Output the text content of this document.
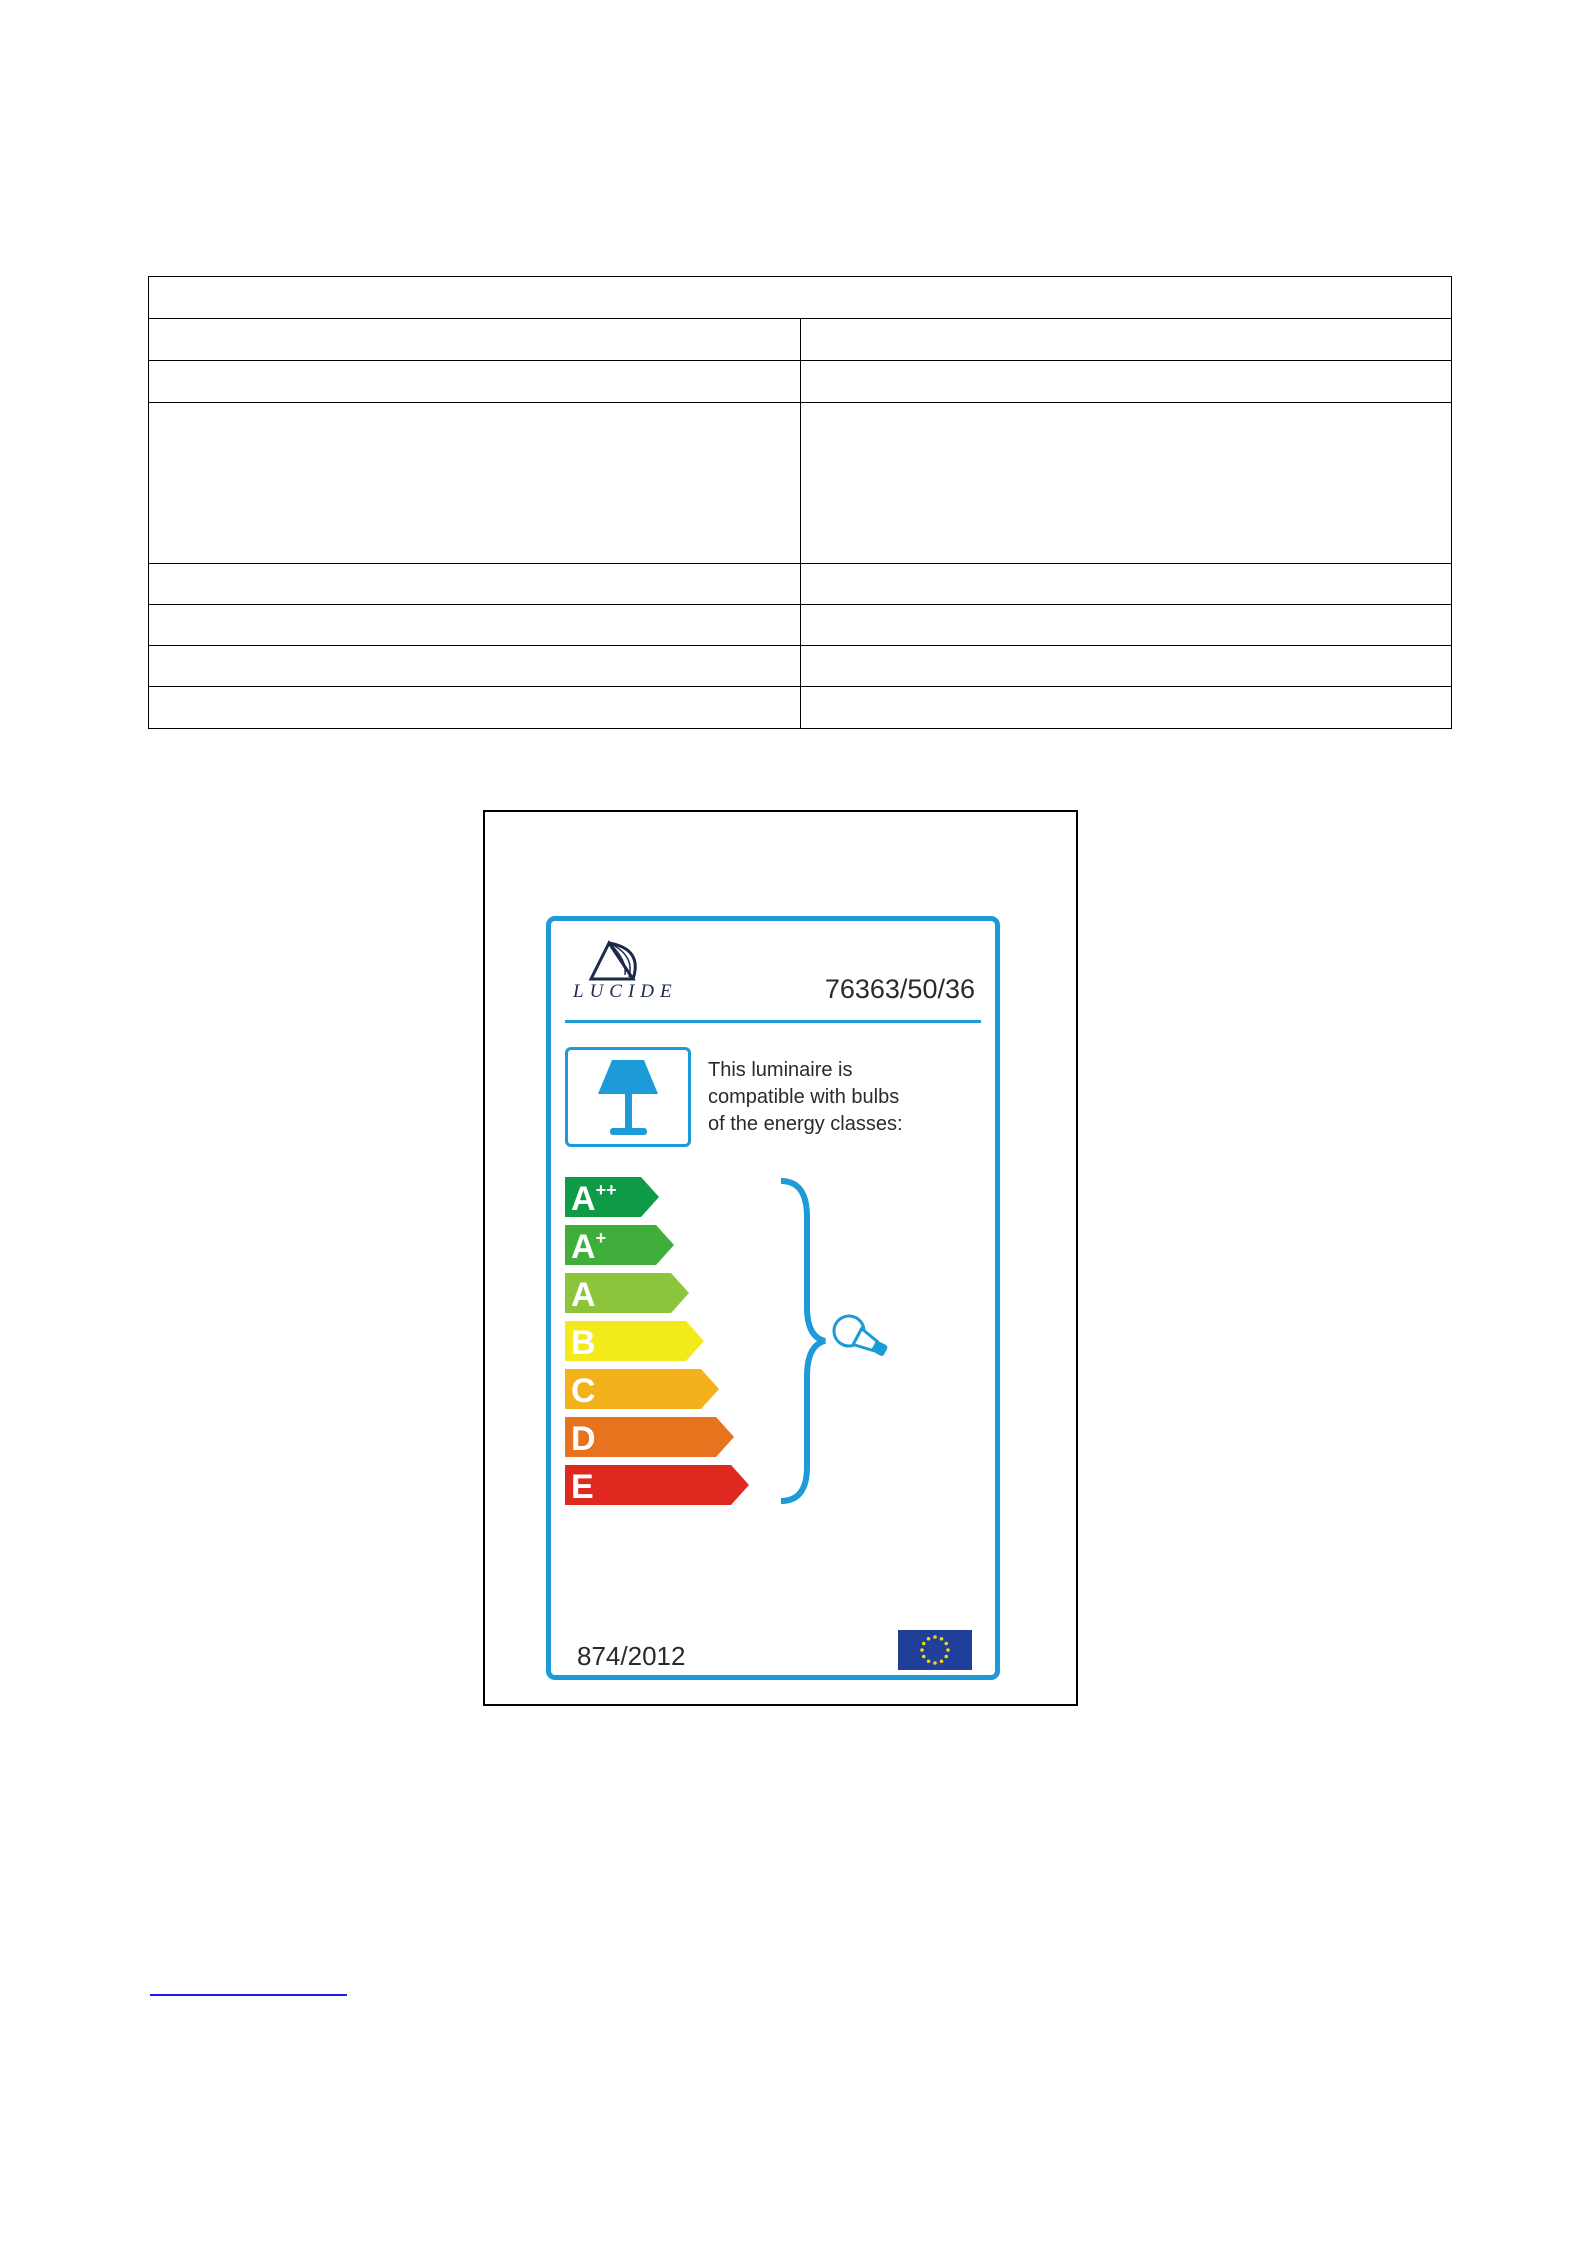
LUCIDE	76363/50/36
This luminaire is
compatible with bulbs
of the energy classes:
A++
A+
A
B
C
D
E
874/2012
